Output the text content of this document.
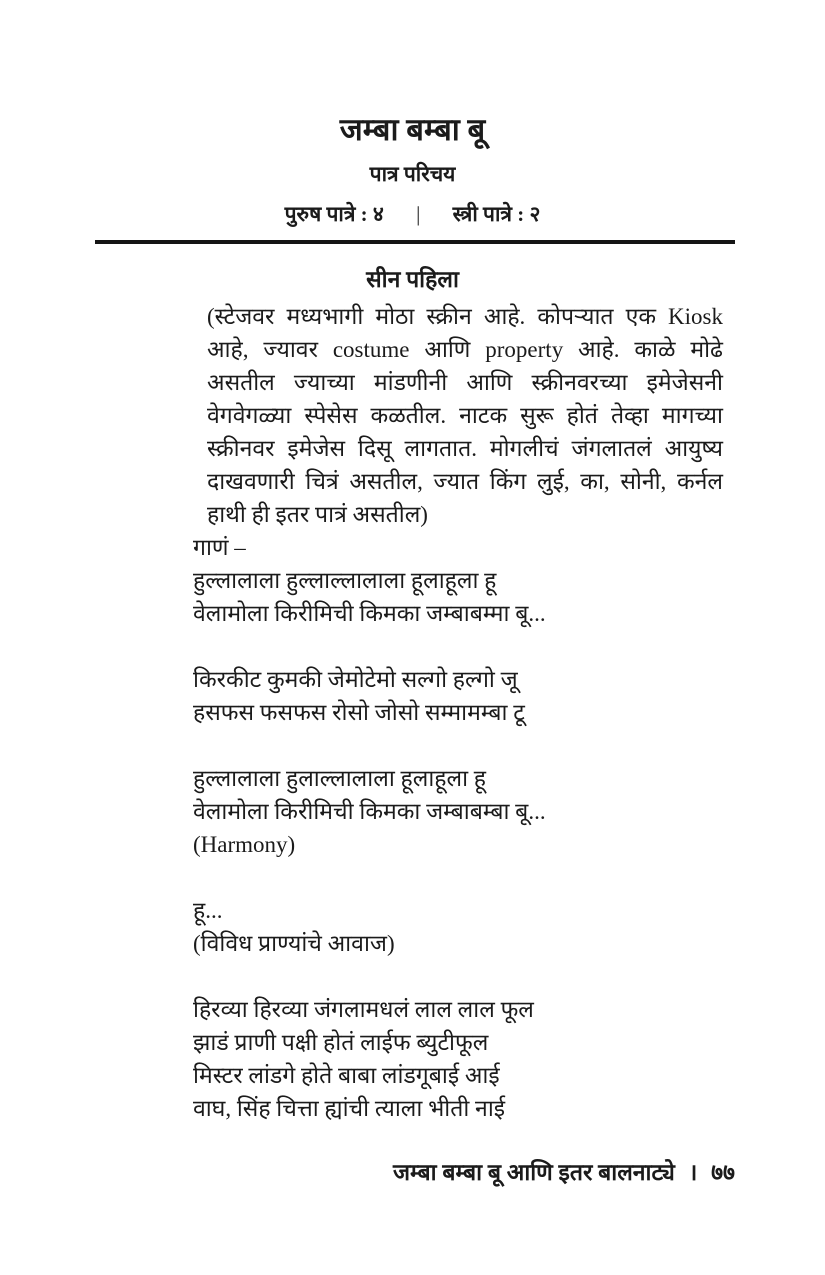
जम्बा बम्बा बू
पात्र परिचय
पुरुष पात्रे : ४ | स्त्री पात्रे : २
सीन पहिला
(स्टेजवर मध्यभागी मोठा स्क्रीन आहे. कोपऱ्यात एक Kiosk
आहे, ज्यावर costume आणि property आहे. काळे मोढे
असतील ज्याच्या मांडणीनी आणि स्क्रीनवरच्या इमेजेसनी
वेगवेगळ्या स्पेसेस कळतील. नाटक सुरू होतं तेव्हा मागच्या
स्क्रीनवर इमेजेस दिसू लागतात. मोगलीचं जंगलातलं आयुष्य
दाखवणारी चित्रं असतील, ज्यात किंग लुई, का, सोनी, कर्नल
हाथी ही इतर पात्रं असतील)
गाणं –
हुल्लालाला हुल्लाल्लालाला हूलाहूला हू
वेलामोला किरीमिची किमका जम्बाबम्मा बू...
किरकीट कुमकी जेमोटेमो सल्गो हल्गो जू
हसफस फसफस रोसो जोसो सम्मामम्बा टू
हुल्लालाला हुलाल्लालाला हूलाहूला हू
वेलामोला किरीमिची किमका जम्बाबम्बा बू...
(Harmony)
हू...
(विविध प्राण्यांचे आवाज)
हिरव्या हिरव्या जंगलामधलं लाल लाल फूल
झाडं प्राणी पक्षी होतं लाईफ ब्युटीफूल
मिस्टर लांडगे होते बाबा लांडगूबाई आई
वाघ, सिंह चित्ता ह्यांची त्याला भीती नाई
जम्बा बम्बा बू आणि इतर बालनाट्ये । ७७
